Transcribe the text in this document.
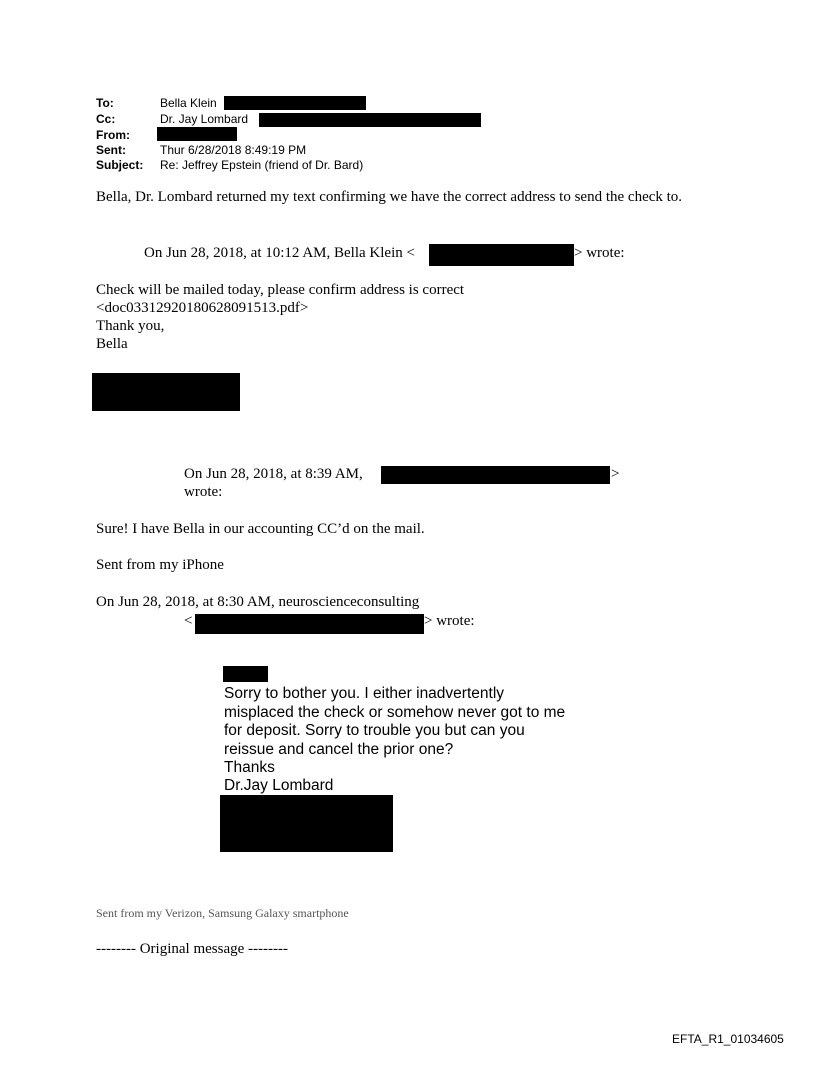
To:	Bella Klein
Cc:	Dr. Jay Lombard
From:
Sent:	Thur 6/28/2018 8:49:19 PM
Subject: Re: Jeffrey Epstein (friend of Dr. Bard)
Bella, Dr. Lombard returned my text confirming we have the correct address to send the check to.
On Jun 28, 2018, at 10:12 AM, Bella Klein <	> wrote:
Check will be mailed today, please confirm address is correct
<doc03312920180628091513.pdf>
Thank you,
Bella
On Jun 28, 2018, at 8:39 AM,	>
wrote:
Sure! I have Bella in our accounting CC’d on the mail.
Sent from my iPhone
On Jun 28, 2018, at 8:30 AM, neuroscienceconsulting
<	> wrote:
Sorry to bother you. I either inadvertently
misplaced the check or somehow never got to me
for deposit. Sorry to trouble you but can you
reissue and cancel the prior one?
Thanks
Dr.Jay Lombard
Sent from my Verizon, Samsung Galaxy smartphone
-------- Original message --------
EFTA_R1_01034605
